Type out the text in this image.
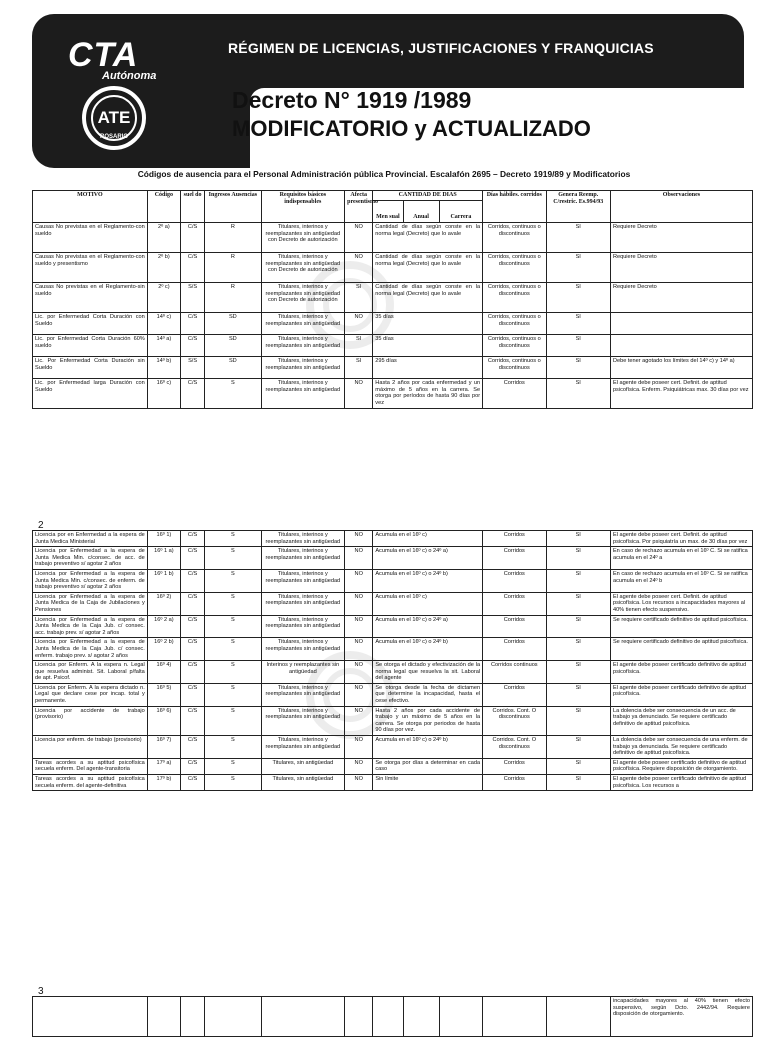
CTA
Autónoma
ATE
ROSARIO
RÉGIMEN DE LICENCIAS, JUSTIFICACIONES Y FRANQUICIAS
Decreto N° 1919 /1989
MODIFICATORIO y ACTUALIZADO
Códigos de ausencia para el Personal Administración pública Provincial. Escalafón 2695 – Decreto 1919/89 y Modificatorios
MOTIVO	Código	suel do	Ingresos Ausencias	Requisitos básicos indispensables	Afecta presentismo	CANTIDAD DE DIAS			Días hábiles. corridos	Genera Reemp. C/restric. Es.994/93	Observaciones
						Men sual	Anual	Carrera			
Causas No previstas en el Reglamento-con sueldo	2º a)	C/S	R	Titulares, interinos y reemplazantes sin antigüedad con Decreto de autorización	NO	Cantidad de días según conste en la norma legal (Decreto) que lo avale			Corridos, continuos o discontinuos	SI	Requiere Decreto
Causas No previstas en el Reglamento-con sueldo y presentismo	2º b)	C/S	R	Titulares, interinos y reemplazantes sin antigüedad con Decreto de autorización	NO	Cantidad de días según conste en la norma legal (Decreto) que lo avale			Corridos, continuos o discontinuos	SI	Requiere Decreto
Causas No previstas en el Reglamento-sin sueldo	2º c)	S/S	R	Titulares, interinos y reemplazantes sin antigüedad con Decreto de autorización	SI	Cantidad de días según conste en la norma legal (Decreto) que lo avale			Corridos, continuos o discontinuos	SI	Requiere Decreto
Lic. por Enfermedad Corta Duración con Sueldo	14º c)	C/S	SD	Titulares, interinos y reemplazantes sin antigüedad	NO	35 días			Corridos, continuos o discontinuos	SI	
Lic. por Enfermedad Corta Duración 60% sueldo	14º a)	C/S	SD	Titulares, interinos y reemplazantes sin antigüedad	SI	35 días			Corridos, continuos o discontinuos	SI	
Lic. Por Enfermedad Corta Duración sin Sueldo	14º b)	S/S	SD	Titulares, interinos y reemplazantes sin antigüedad	SI	295 días			Corridos, continuos o discontinuos	SI	Debe tener agotado los límites del 14º c) y 14º a)
Lic. por Enfermedad larga Duración con Sueldo	16º c)	C/S	S	Titulares, interinos y reemplazantes sin antigüedad	NO	Hasta 2 años por cada enfermedad y un máximo de 5 años en la carrera. Se otorga por períodos de hasta 90 días por vez			Corridos	SI	El agente debe poseer cert. Definit. de aptitud psicofísica. Enferm. Psiquiátricas max. 30 días por vez
2
Licencia por en Enfermedad a la espera de Junta Medica Ministerial	16º 1)	C/S	S	Titulares, interinos y reemplazantes sin antigüedad	NO	Acumula en el 16º c)	Corridos	SI	El agente debe poseer cert. Definit. de aptitud psicofísica. Por psiquiatría un max. de 30 días por vez
Licencia por Enfermedad a la espera de Junta Medica Min. c/consec. de acc. de trabajo preventivo s/ agotar 2 años	16º 1 a)	C/S	S	Titulares, interinos y reemplazantes sin antigüedad	NO	Acumula en el 16º c) o 24º a)	Corridos	SI	En caso de rechazo acumula en el 16º C. Si se ratifica acumula en el 24º a
Licencia por Enfermedad a la espera de Junta Medica Min. c/consec. de enferm. de trabajo preventivo s/ agotar 2 años	16º 1 b)	C/S	S	Titulares, interinos y reemplazantes sin antigüedad	NO	Acumula en el 16º c) o 24º b)	Corridos	SI	En caso de rechazo acumula en el 16º C. Si se ratifica acumula en el 24º b
Licencia por Enfermedad a la espera de Junta Medica de la Caja de Jubilaciones y Pensiones	16º 2)	C/S	S	Titulares, interinos y reemplazantes sin antigüedad	NO	Acumula en el 16º c)	Corridos	SI	El agente debe poseer cert. Definit. de aptitud psicofísica. Los recursos a incapacidades mayores al 40% tienen efecto suspensivo.
Licencia por Enfermedad a la espera de Junta Medica de la Caja Jub. c/ consec. acc. trabajo prev. s/ agotar 2 años	16º 2 a)	C/S	S	Titulares, interinos y reemplazantes sin antigüedad	NO	Acumula en el 16º c) o 24º a)	Corridos	SI	Se requiere certificado definitivo de aptitud psicofísica.
Licencia por Enfermedad a la espera de Junta Medica de la Caja Jub. c/ consec. enferm. trabajo prev. s/ agotar 2 años	16º 2 b)	C/S	S	Titulares, interinos y reemplazantes sin antigüedad	NO	Acumula en el 16º c) o 24º b)	Corridos	SI	Se requiere certificado definitivo de aptitud psicofísica.
Licencia por Enferm. A la espera n. Legal que resuelva administ. Sit. Laboral p/falta de apt. Psicof.	16º 4)	C/S	S	Interinos y reemplazantes sin antigüedad	NO	Se otorga el dictado y efectivización de la norma legal que resuelva la sit. Laboral del agente	Corridos continuos	SI	El agente debe poseer certificado definitivo de aptitud psicofísica.
Licencia por Enferm. A la espera dictado n. Legal que declare cese por incap. total y permanente.	16º 5)	C/S	S	Titulares, interinos y reemplazantes sin antigüedad	NO	Se otorga desde la fecha de dictamen que determine la incapacidad, hasta el cese efectivo.	Corridos	SI	El agente debe poseer certificado definitivo de aptitud psicofísica.
Licencia por accidente de trabajo (provisorio)	16º 6)	C/S	S	Titulares, interinos y reemplazantes sin antigüedad	NO	Hasta 2 años por cada accidente de trabajo y un máximo de 5 años en la carrera. Se otorga por periodos de hasta 90 días por vez.	Corridos. Cont. O discontinuos	SI	La dolencia debe ser consecuencia de un acc. de trabajo ya denunciado. Se requiere certificado definitivo de aptitud psicofísica.
Licencia por enferm. de trabajo (provisorio)	16º 7)	C/S	S	Titulares, interinos y reemplazantes sin antigüedad	NO	Acumula en el 16º c) o 24º b)	Corridos. Cont. O discontinuos	SI	La dolencia debe ser consecuencia de una enferm. de trabajo ya denunciada. Se requiere certificado definitivo de aptitud psicofísica.
Tareas acordes a su aptitud psicofísica secuela enferm. Del agente-transitoria	17º a)	C/S	S	Titulares, sin antigüedad	NO	Se otorga por días a determinar en cada caso	Corridos	SI	El agente debe poseer certificado definitivo de aptitud psicofísica. Requiere disposición de otorgamiento.
Tareas acordes a su aptitud psicofísica secuela enferm. del agente-definitiva	17º b)	C/S	S	Titulares, sin antigüedad	NO	Sin límite	Corridos	SI	El agente debe poseer certificado definitivo de aptitud psicofísica. Los recursos a
3
											incapacidades mayores al 40% tienen efecto suspensivo, según Dcto. 2442/94. Requiere disposición de otorgamiento.
